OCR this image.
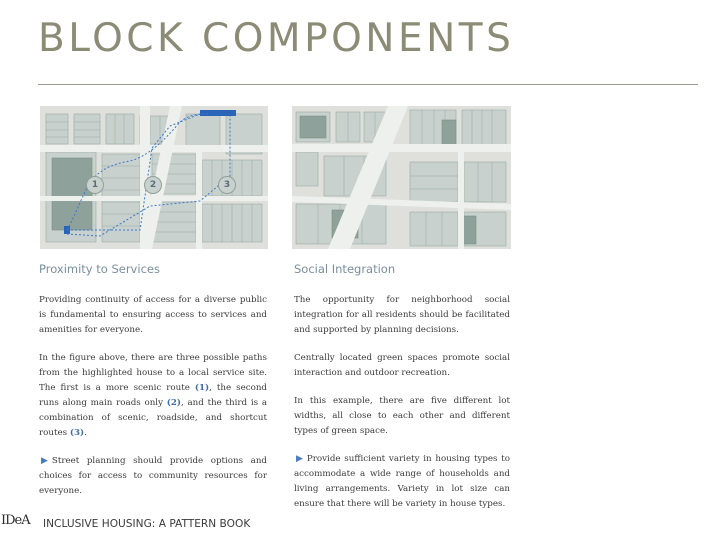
BLOCK COMPONENTS
1	2	3
Proximity to Services

Providing continuity of access for a diverse public is fundamental to ensuring access to services and amenities for everyone.

In the figure above, there are three possible paths from the highlighted house to a local service site. The first is a more scenic route (1), the second runs along main roads only (2), and the third is a combination of scenic, roadside, and shortcut routes (3).

▶ Street planning should provide options and choices for access to community resources for everyone.

Social Integration

The opportunity for neighborhood social integration for all residents should be facilitated and supported by planning decisions.

Centrally located green spaces promote social interaction and outdoor recreation.

In this example, there are five different lot widths, all close to each other and different types of green space.

▶ Provide sufficient variety in housing types to accommodate a wide range of households and living arrangements. Variety in lot size can ensure that there will be variety in house types.

IDeA	INCLUSIVE HOUSING: A PATTERN BOOK
